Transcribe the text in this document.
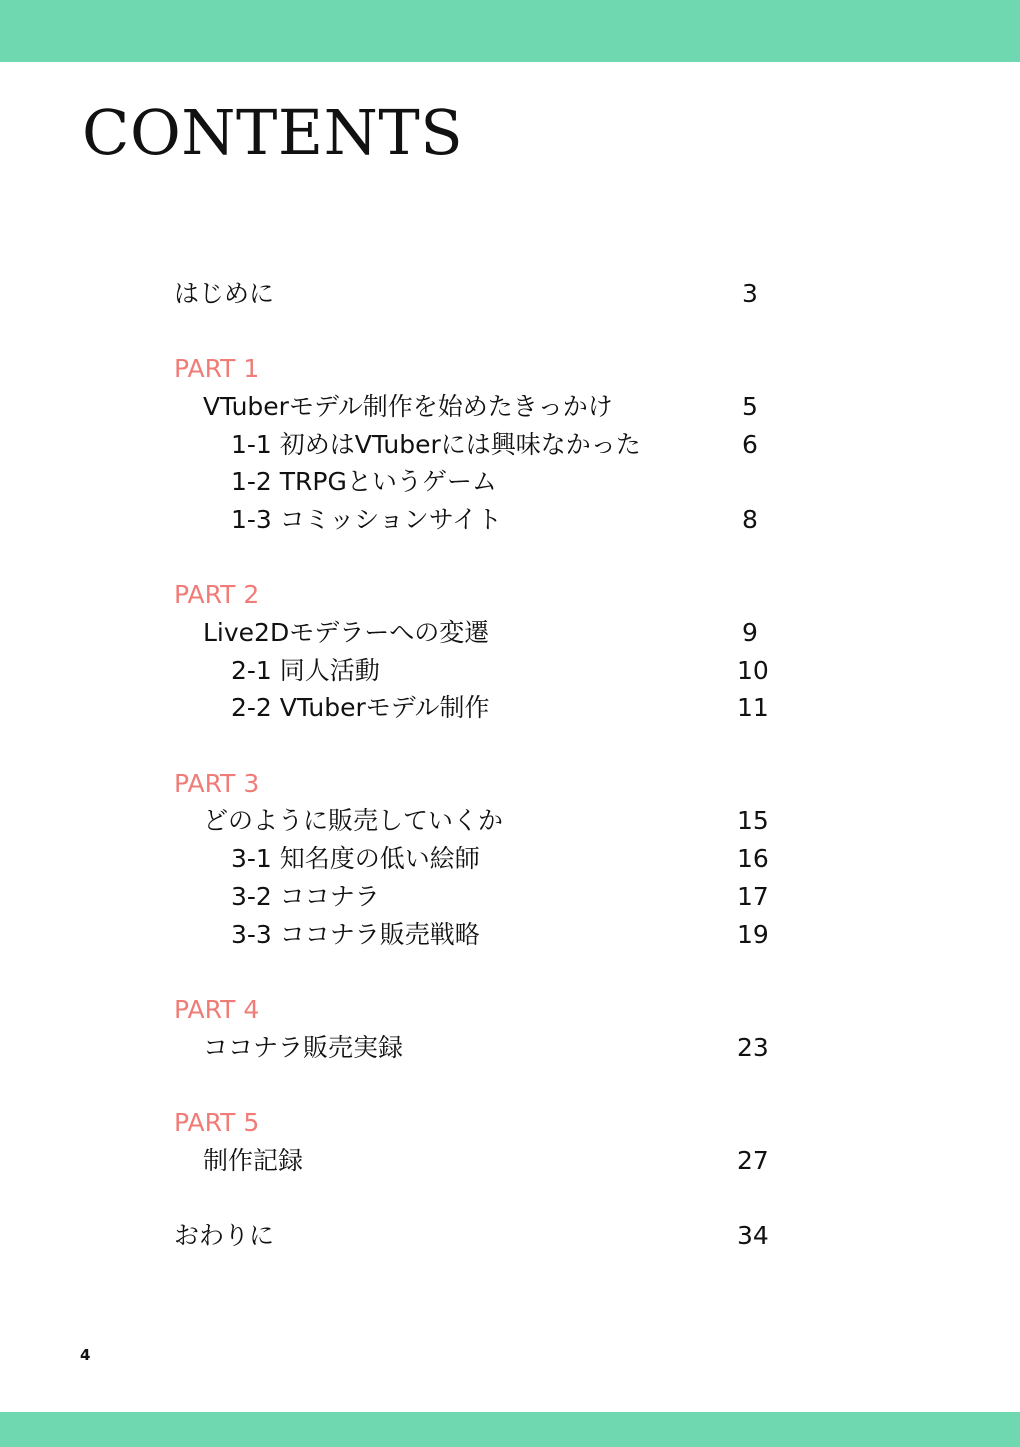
CONTENTS
はじめに	3
PART 1
VTuberモデル制作を始めたきっかけ	5
1-1 初めはVTuberには興味なかった	6
1-2 TRPGというゲーム
1-3 コミッションサイト	8
PART 2
Live2Dモデラーへの変遷	9
2-1 同人活動	10
2-2 VTuberモデル制作	11
PART 3
どのように販売していくか	15
3-1 知名度の低い絵師	16
3-2 ココナラ	17
3-3 ココナラ販売戦略	19
PART 4
ココナラ販売実録	23
PART 5
制作記録	27
おわりに	34
4
